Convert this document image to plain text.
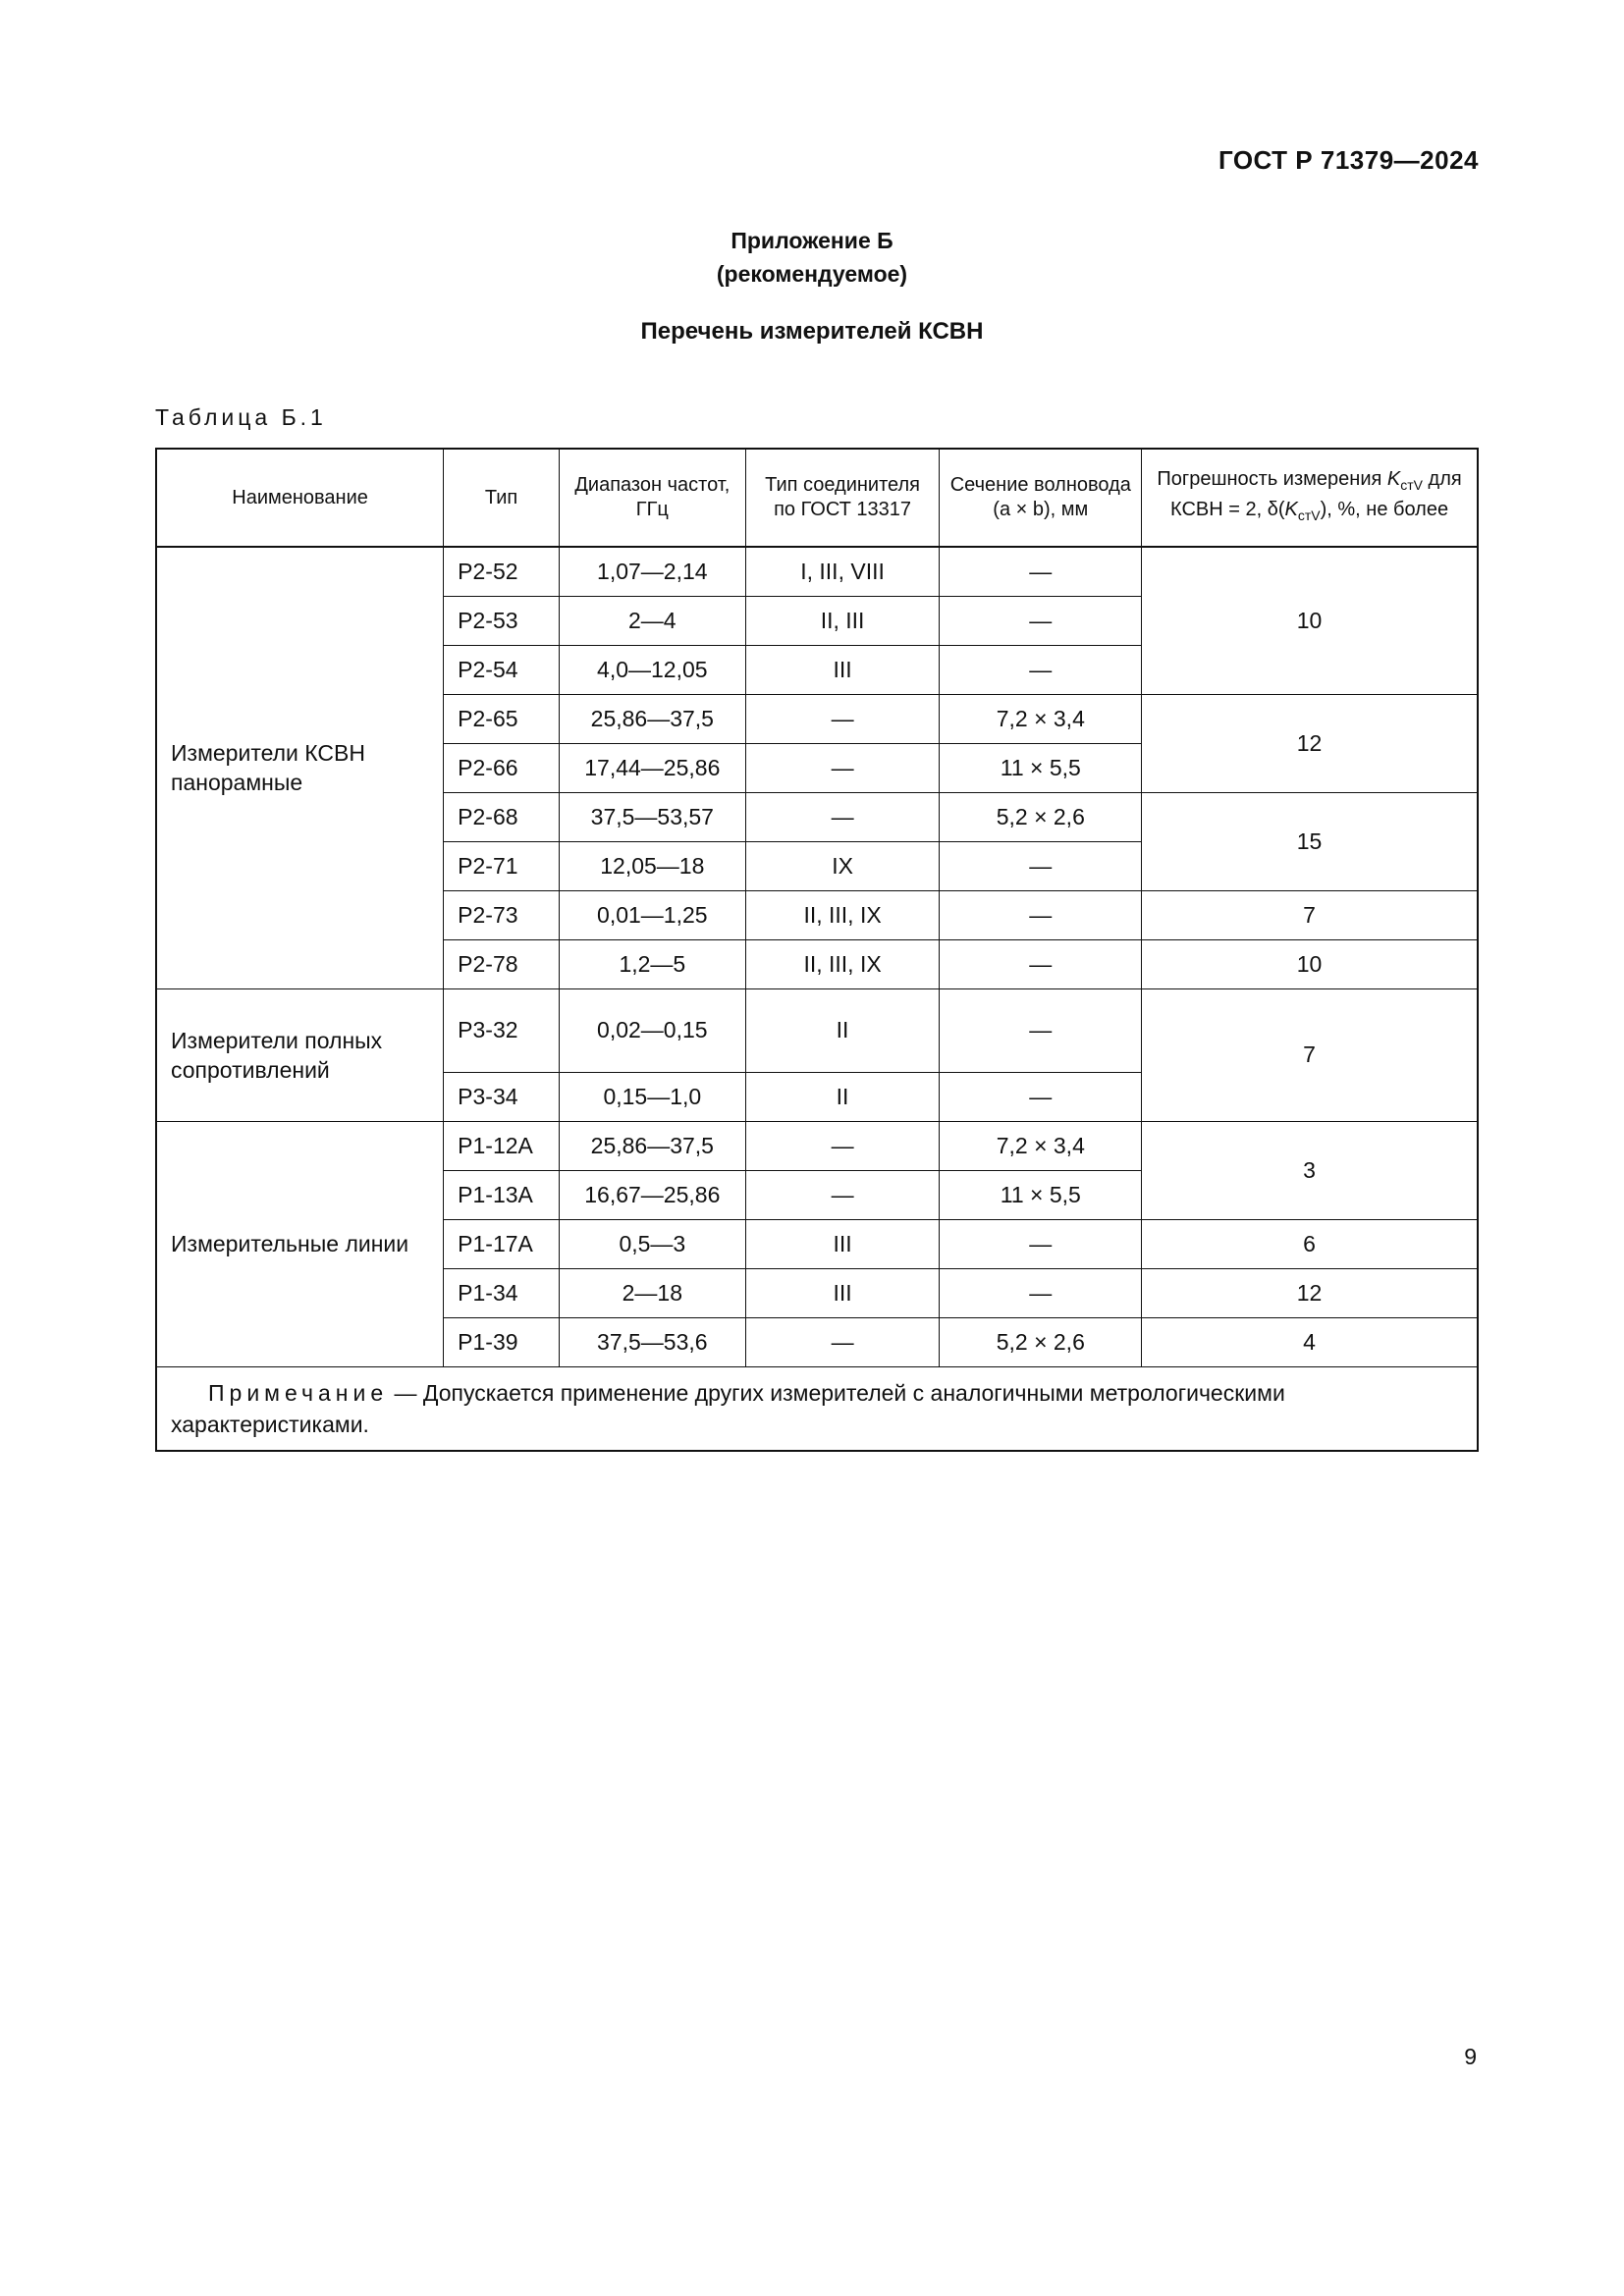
ГОСТ Р 71379—2024
Приложение Б
(рекомендуемое)
Перечень измерителей КСВН
Таблица Б.1
Наименование	Тип	Диапазон частот, ГГц	Тип соединителя по ГОСТ 13317	Сечение волновода (a × b), мм	Погрешность измерения $K_{стV}$ для КСВН = 2, $\delta(K_{стV})$, %, не более
Измерители КСВН панорамные	Р2-52	1,07—2,14	I, III, VIII	—	10
	Р2-53	2—4	II, III	—	
	Р2-54	4,0—12,05	III	—	
	Р2-65	25,86—37,5	—	7,2 × 3,4	12
	Р2-66	17,44—25,86	—	11 × 5,5	
	Р2-68	37,5—53,57	—	5,2 × 2,6	15
	Р2-71	12,05—18	IX	—	
	Р2-73	0,01—1,25	II, III, IX	—	7
	Р2-78	1,2—5	II, III, IX	—	10
Измерители полных сопротивлений	Р3-32	0,02—0,15	II	—	7
	Р3-34	0,15—1,0	II	—	
Измерительные линии	Р1-12А	25,86—37,5	—	7,2 × 3,4	3
	Р1-13А	16,67—25,86	—	11 × 5,5	
	Р1-17А	0,5—3	III	—	6
	Р1-34	2—18	III	—	12
	Р1-39	37,5—53,6	—	5,2 × 2,6	4
Примечание — Допускается применение других измерителей с аналогичными метрологическими характеристиками.					
9
